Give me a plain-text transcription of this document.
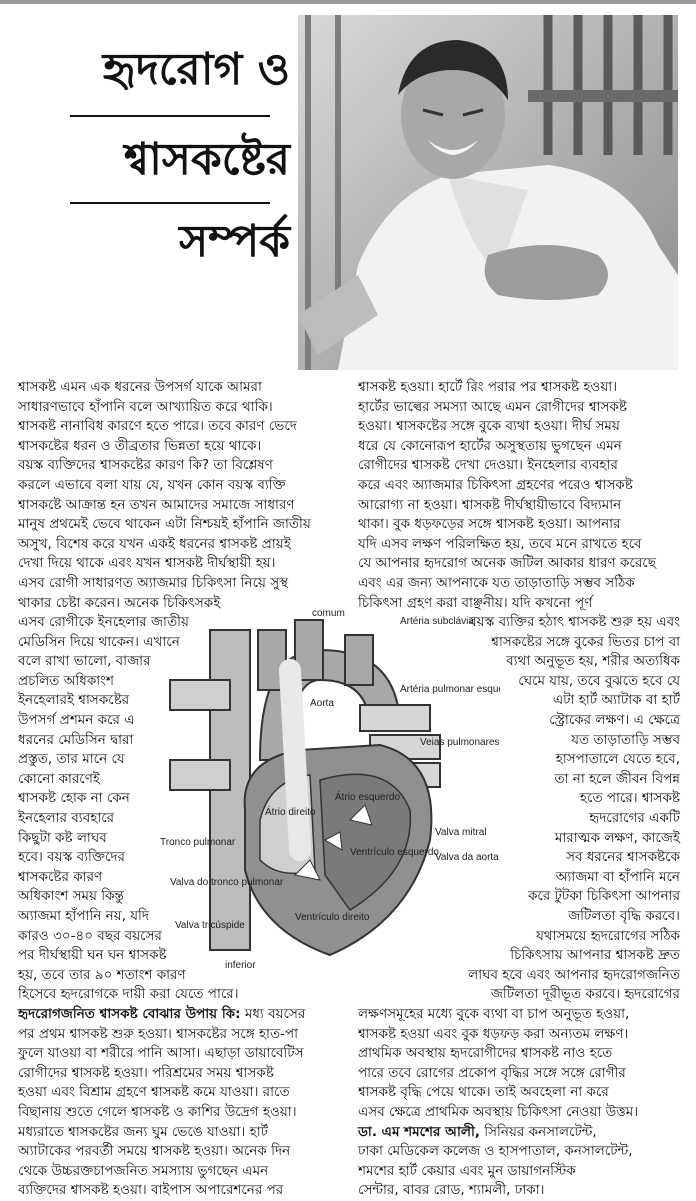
হৃদরোগ ও
শ্বাসকষ্টের
সম্পর্ক
শ্বাসকষ্ট এমন এক ধরনের উপসর্গ যাকে আমরা
সাধারণভাবে হাঁপানি বলে আখ্যায়িত করে থাকি।
শ্বাসকষ্ট নানাবিধ কারণে হতে পারে। তবে কারণ ভেদে
শ্বাসকষ্টের ধরন ও তীব্রতার ভিন্নতা হয়ে থাকে।
বয়স্ক ব্যক্তিদের শ্বাসকষ্টের কারণ কি? তা বিশ্লেষণ
করলে এভাবে বলা যায় যে, যখন কোন বয়স্ক ব্যক্তি
শ্বাসকষ্টে আক্রান্ত হন তখন আমাদের সমাজে সাধারণ
মানুষ প্রথমেই ভেবে থাকেন এটা নিশ্চয়ই হাঁপানি জাতীয়
অসুখ, বিশেষ করে যখন একই ধরনের শ্বাসকষ্ট প্রায়ই
দেখা দিয়ে থাকে এবং যখন শ্বাসকষ্ট দীর্ঘস্থায়ী হয়।
এসব রোগী সাধারণত অ্যাজমার চিকিৎসা নিয়ে সুস্থ
থাকার চেষ্টা করেন। অনেক চিকিৎসকই
এসব রোগীকে ইনহেলার জাতীয়
মেডিসিন দিয়ে থাকেন। এখানে
বলে রাখা ভালো, বাজার
প্রচলিত অধিকাংশ
ইনহেলারই শ্বাসকষ্টের
উপসর্গ প্রশমন করে এ
ধরনের মেডিসিন দ্বারা
প্রস্তুত, তার মানে যে
কোনো কারণেই
শ্বাসকষ্ট হোক না কেন
ইনহেলার ব্যবহারে
কিছুটা কষ্ট লাঘব
হবে। বয়স্ক ব্যক্তিদের
শ্বাসকষ্টের কারণ
অধিকাংশ সময় কিন্তু
অ্যাজমা হাঁপানি নয়, যদি
কারও ৩০-৪০ বছর বয়সের
পর দীর্ঘস্থায়ী ঘন ঘন শ্বাসকষ্ট
হয়, তবে তার ৯০ শতাংশ কারণ
হিসেবে হৃদরোগকে দায়ী করা যেতে পারে।
হৃদরোগজনিত শ্বাসকষ্ট বোঝার উপায় কি: মধ্য বয়সের
পর প্রথম শ্বাসকষ্ট শুরু হওয়া। শ্বাসকষ্টের সঙ্গে হাত-পা
ফুলে যাওয়া বা শরীরে পানি আসা। এছাড়া ডায়াবেটিস
রোগীদের শ্বাসকষ্ট হওয়া। পরিশ্রমের সময় শ্বাসকষ্ট
হওয়া এবং বিশ্রাম গ্রহণে শ্বাসকষ্ট কমে যাওয়া। রাতে
বিছানায় শুতে গেলে শ্বাসকষ্ট ও কাশির উদ্রেগ হওয়া।
মধ্যরাতে শ্বাসকষ্টের জন্য ঘুম ভেঙে যাওয়া। হার্ট
অ্যাটাকের পরবর্তী সময়ে শ্বাসকষ্ট হওয়া। অনেক দিন
থেকে উচ্চরক্তচাপজনিত সমস্যায় ভুগছেন এমন
ব্যক্তিদের শ্বাসকষ্ট হওয়া। বাইপাস অপারেশনের পর
শ্বাসকষ্ট হওয়া। হার্টে রিং পরার পর শ্বাসকষ্ট হওয়া।
হার্টের ভাল্বের সমস্যা আছে এমন রোগীদের শ্বাসকষ্ট
হওয়া। শ্বাসকষ্টের সঙ্গে বুকে ব্যথা হওয়া। দীর্ঘ সময়
ধরে যে কোনোরূপ হার্টের অসুস্থতায় ভুগছেন এমন
রোগীদের শ্বাসকষ্ট দেখা দেওয়া। ইনহেলার ব্যবহার
করে এবং অ্যাজমার চিকিৎসা গ্রহণের পরেও শ্বাসকষ্ট
আরোগ্য না হওয়া। শ্বাসকষ্ট দীর্ঘস্থায়ীভাবে বিদ্যমান
থাকা। বুক ধড়ফড়ের সঙ্গে শ্বাসকষ্ট হওয়া। আপনার
যদি এসব লক্ষণ পরিলক্ষিত হয়, তবে মনে রাখতে হবে
যে আপনার হৃদরোগ অনেক জটিল আকার ধারণ করেছে
এবং এর জন্য আপনাকে যত তাড়াতাড়ি সম্ভব সঠিক
চিকিৎসা গ্রহণ করা বাঞ্ছনীয়। যদি কখনো পূর্ণ
বয়স্ক ব্যক্তির হঠাৎ শ্বাসকষ্ট শুরু হয় এবং
শ্বাসকষ্টের সঙ্গে বুকের ভিতর চাপ বা
ব্যথা অনুভূত হয়, শরীর অত্যধিক
ঘেমে যায়, তবে বুঝতে হবে যে
এটা হার্ট অ্যাটাক বা হার্ট
স্ট্রোকের লক্ষণ। এ ক্ষেত্রে
যত তাড়াতাড়ি সম্ভব
হাসপাতালে যেতে হবে,
তা না হলে জীবন বিপন্ন
হতে পারে। শ্বাসকষ্ট
হৃদরোগের একটি
মারাত্মক লক্ষণ, কাজেই
সব ধরনের শ্বাসকষ্টকে
অ্যাজমা বা হাঁপানি মনে
করে টুটকা চিকিৎসা আপনার
জটিলতা বৃদ্ধি করবে।
যথাসময়ে হৃদরোগের সঠিক
চিকিৎসায় আপনার শ্বাসকষ্ট দ্রুত
লাঘব হবে এবং আপনার হৃদরোগজনিত
জটিলতা দূরীভূত করবে। হৃদরোগের
লক্ষণসমূহের মধ্যে বুকে ব্যথা বা চাপ অনুভূত হওয়া,
শ্বাসকষ্ট হওয়া এবং বুক ধড়ফড় করা অন্যতম লক্ষণ।
প্রাথমিক অবস্থায় হৃদরোগীদের শ্বাসকষ্ট নাও হতে
পারে তবে রোগের প্রকোপ বৃদ্ধির সঙ্গে সঙ্গে রোগীর
শ্বাসকষ্ট বৃদ্ধি পেয়ে থাকে। তাই অবহেলা না করে
এসব ক্ষেত্রে প্রাথমিক অবস্থায় চিকিৎসা নেওয়া উত্তম।
ডা. এম শমশের আলী, সিনিয়র কনসালটেন্ট,
ঢাকা মেডিকেল কলেজ ও হাসপাতাল, কনসালটেন্ট,
শমশের হার্ট কেয়ার এবং মুন ডায়াগনস্টিক
সেন্টার, বাবর রোড, শ্যামলী, ঢাকা।
comum
Artéria subclávia
Aorta
Artéria pulmonar esqu
Veias pulmonares
Átrio esquerdo
Átrio direito
Tronco pulmonar
Valva mitral
Valva da aorta
Ventrículo esquerdo
Valva do tronco pulmonar
Valva tricúspide
Ventrículo direito
inferior
